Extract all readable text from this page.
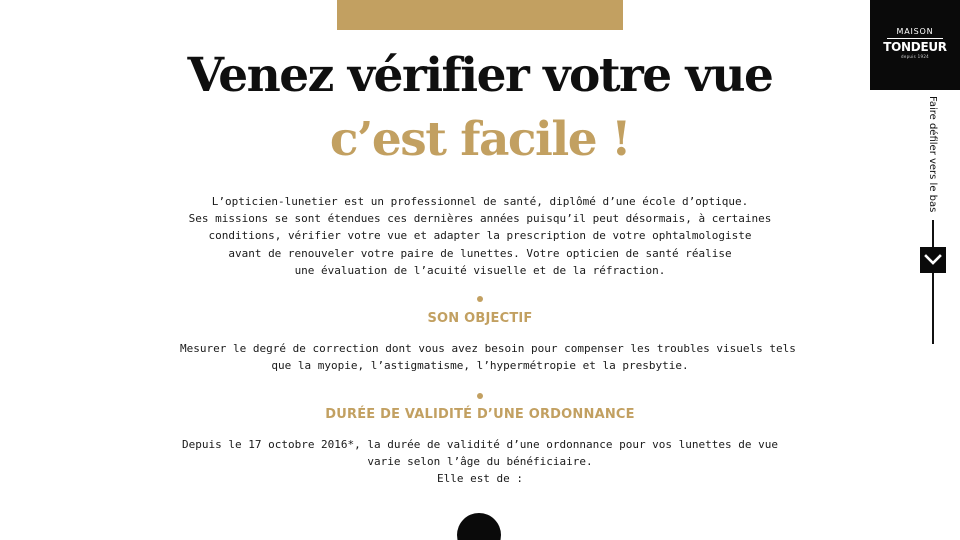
Venez vérifier votre vue
c’est facile !
L’opticien-lunetier est un professionnel de santé, diplômé d’une école d’optique.
Ses missions se sont étendues ces dernières années puisqu’il peut désormais, à certaines
conditions, vérifier votre vue et adapter la prescription de votre ophtalmologiste
avant de renouveler votre paire de lunettes. Votre opticien de santé réalise
une évaluation de l’acuité visuelle et de la réfraction.
SON OBJECTIF
Mesurer le degré de correction dont vous avez besoin pour compenser les troubles visuels tels
que la myopie, l’astigmatisme, l’hypermétropie et la presbytie.
DURÉE DE VALIDITÉ D’UNE ORDONNANCE
Depuis le 17 octobre 2016*, la durée de validité d’une ordonnance pour vos lunettes de vue
varie selon l’âge du bénéficiaire.
Elle est de :
MAISON
TONDEUR
depuis 1924
Faire défiler vers le bas
